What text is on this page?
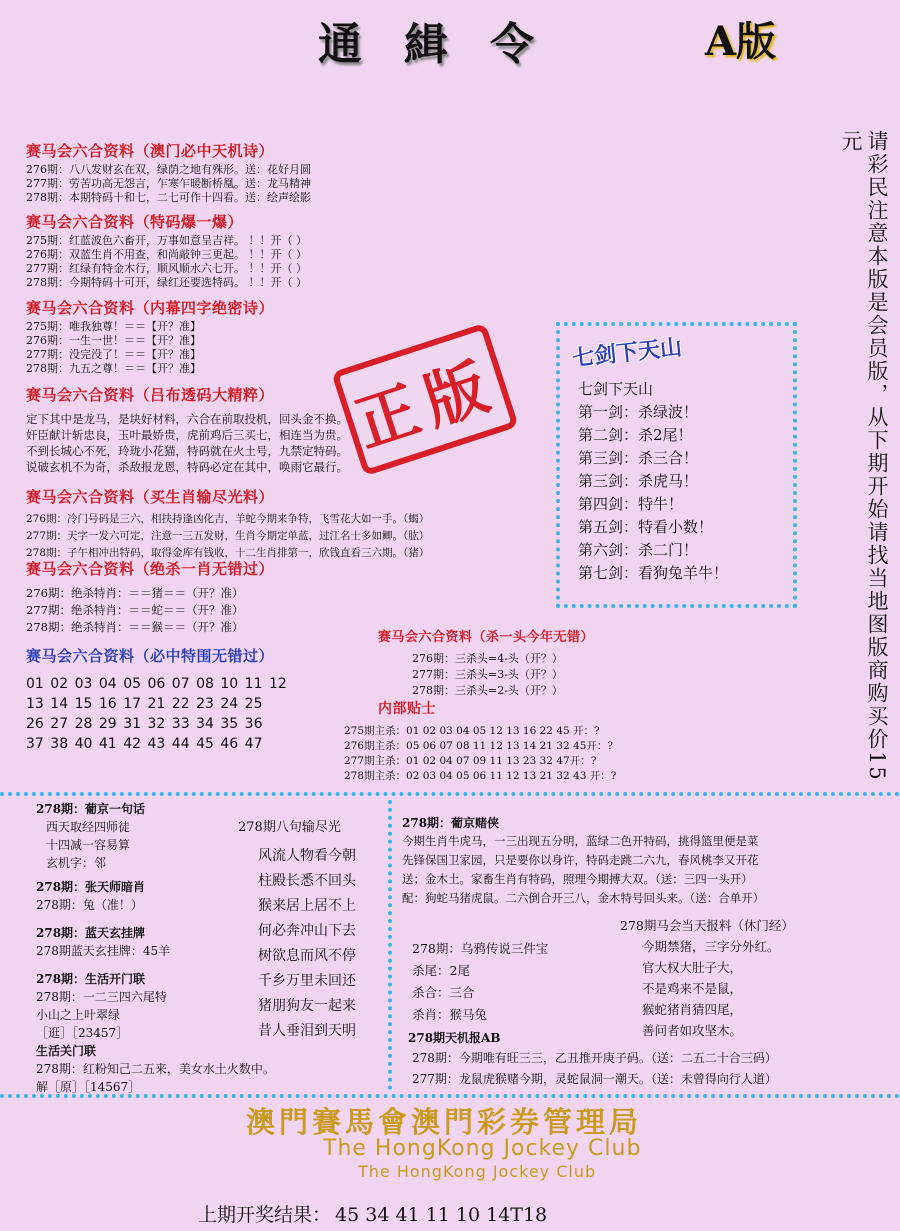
通緝令	A版
请彩民注意本版是会员版，从下期开始请找当地图版商购买价15元
赛马会六合资料（澳门必中天机诗）
276期：八八发财玄在双，绿荫之地有殊形。送：花好月圆
277期：劳苦功高无怨言，乍寒乍暖断桥凰。送：龙马精神
278期：本期特码十和七，二七可作十四看。送：绘声绘影
赛马会六合资料（特码爆一爆）
275期：红蓝波色六畜开，万事如意呈吉祥。 ！！开（ ）
276期：双蓝生肖不用查，和尚敲钟三更起。 ！！开（ ）
277期：红绿有特金木行，顺风顺水六七开。 ！！开（ ）
278期：今期特码十可开，绿红还要选特码。 ！！开（ ）
赛马会六合资料（内幕四字绝密诗）
275期：唯我独尊！＝＝【开？准】
276期：一生一世！＝＝【开？准】
277期：没完没了！＝＝【开？准】
278期：九五之尊！＝＝【开？准】	正版
赛马会六合资料（吕布透码大精粹）
定下其中是龙马，是块好材料，六合在前取投机，回头金不换。
奸臣献计斩忠良，玉叶最娇贵，虎前鸡后三买七，相连当为贵。
不到长城心不死，玲珑小花猫，特码就在火土号，九禁定特码。
说破玄机不为奇，杀敌报龙恩，特码必定在其中，唤雨它最行。
赛马会六合资料（买生肖输尽光料）
276期：冷门号码是三六，相扶持逢凶化吉，羊蛇今期来争特，飞雪花大如一手。（蝎）
277期：天字一发六可定，注意一三五发财，生肖今期定单蓝，过江名士多如鲫。（肱）
278期：子午相冲出特码，取得金库有钱收，十二生肖排第一，欣钱直看三六期。（猪）
赛马会六合资料（绝杀一肖无错过）
276期：绝杀特肖：＝＝猪＝＝（开？准）
277期：绝杀特肖：＝＝蛇＝＝（开？准）
278期：绝杀特肖：＝＝猴＝＝（开？准）
赛马会六合资料（必中特围无错过）
01 02 03 04 05 06 07 08 10 11 12
13 14 15 16 17 21 22 23 24 25
26 27 28 29 31 32 33 34 35 36
37 38 40 41 42 43 44 45 46 47
七剑下天山
七剑下天山
第一剑：杀绿波！
第二剑：杀2尾！
第三剑：杀三合！
第三剑：杀虎马！
第四剑：特牛！
第五剑：特看小数！
第六剑：杀二门！
第七剑：看狗兔羊牛！
赛马会六合资料（杀一头今年无错）
276期：三杀头=4-头（开？）
277期：三杀头=3-头（开？）
278期：三杀头=2-头（开？）
内部贴士
275期主杀：01 02 03 04 05 12 13 16 22 45 开：?
276期主杀：05 06 07 08 11 12 13 14 21 32 45开：?
277期主杀：01 02 04 07 09 11 13 23 32 47开：?
278期主杀：02 03 04 05 06 11 12 13 21 32 43 开：?
278期：葡京一句话
西天取经四师徒
十四减一容易算
玄机字：邻
278期：张天师暗肖
278期：兔（准！）
278期：蓝天玄挂牌
278期蓝天玄挂牌：45羊
278期：生活开门联
278期：一二三四六尾特
小山之上叶翠绿
［逛］［23457］
生活关门联
278期：红粉知己二五来，美女水土火数中。
解［原］［14567］
278期八句输尽光
风流人物看今朝
柱殿长悉不回头
猴来居上居不上
何必奔冲山下去
树欲息而风不停
千乡万里未回还
猪朋狗友一起来
昔人垂泪到天明
278期：葡京赌侠
今期生肖牛虎马，一三出现五分明，蓝绿二色开特码，挑得篮里便是菜
先锋保国卫家园，只是要你以身许，特码走跳二六九，春风桃李又开花
送；金木土。家畜生肖有特码，照理今期搏大双。（送：三四一头开）
配：狗蛇马猪虎鼠。二六倒合开三八，金木特号回头来。（送：合单开）
278期马会当天报料（休门经）
今期禁猪，三字分外红。
官大权大肚子大，
不是鸡来不是鼠，
猴蛇猪肖猜四尾，
善问者如攻坚木。
278期：乌鸦传说三件宝
杀尾：2尾
杀合：三合
杀肖：猴马兔
278期天机报AB
278期：今期唯有旺三三，乙丑推开庚子码。（送：二五二十合三码）
277期：龙鼠虎猴赌今期，灵蛇鼠洞一潮天。（送：未曾得向行人道）
澳門賽馬會澳門彩券管理局
The HongKong Jockey Club
The HongKong Jockey Club
上期开奖结果： 45 34 41 11 10 14T18
